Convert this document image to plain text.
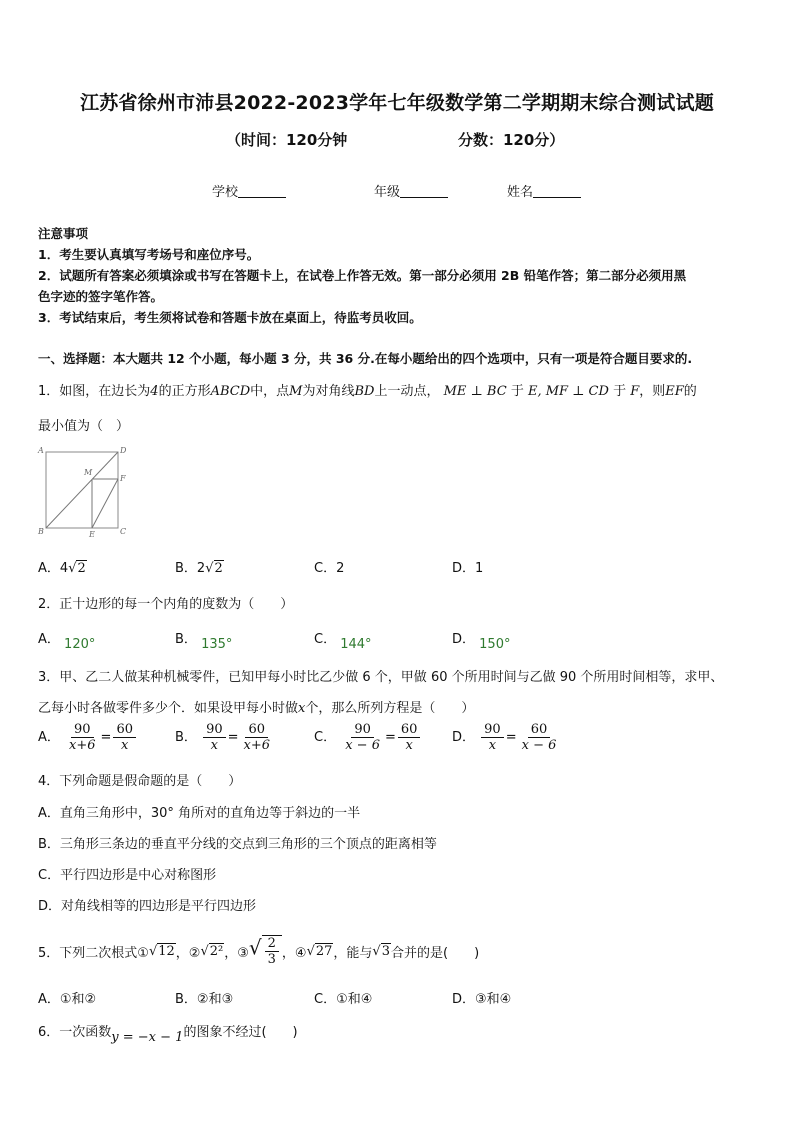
江苏省徐州市沛县2022-2023学年七年级数学第二学期期末综合测试试题
（时间：120分钟	分数：120分）
学校	年级	姓名
注意事项
1．考生要认真填写考场号和座位序号。
2．试题所有答案必须填涂或书写在答题卡上，在试卷上作答无效。第一部分必须用 2B 铅笔作答；第二部分必须用黑
色字迹的签字笔作答。
3．考试结束后，考生须将试卷和答题卡放在桌面上，待监考员收回。
一、选择题：本大题共 12 个小题，每小题 3 分，共 36 分.在每小题给出的四个选项中，只有一项是符合题目要求的.
1．如图，在边长为4的正方形ABCD中，点M为对角线BD上一动点， ME ⊥ BC 于 E, MF ⊥ CD 于 F，则EF的
最小值为（　）
A	D
M
F
B	E	C
A．4√2	B．2√2	C．2	D．1
2．正十边形的每一个内角的度数为（　　）
A． 120°	B． 135°	C． 144°	D． 150°
3．甲、乙二人做某种机械零件，已知甲每小时比乙少做 6 个，甲做 60 个所用时间与乙做 90 个所用时间相等，求甲、
乙每小时各做零件多少个．如果设甲每小时做x个，那么所列方程是（　　）
A． $\frac{90}{x+6} = \frac{60}{x}$	B． $\frac{90}{x} = \frac{60}{x+6}$	C． $\frac{90}{x - 6} = \frac{60}{x}$ D． $\frac{90}{x} = \frac{60}{x - 6}$
4．下列命题是假命题的是（　　）
A．直角三角形中，30° 角所对的直角边等于斜边的一半
B．三角形三条边的垂直平分线的交点到三角形的三个顶点的距离相等
C．平行四边形是中心对称图形
D．对角线相等的四边形是平行四边形
5．下列二次根式① √12 ，② √2² ，③ √ $\frac{2}{3}$ ，④ √27 ，能与 √3 合并的是(　　)
A．①和②	B．②和③	C．①和④	D．③和④
6．一次函数y = −x − 1的图象不经过(　　)
